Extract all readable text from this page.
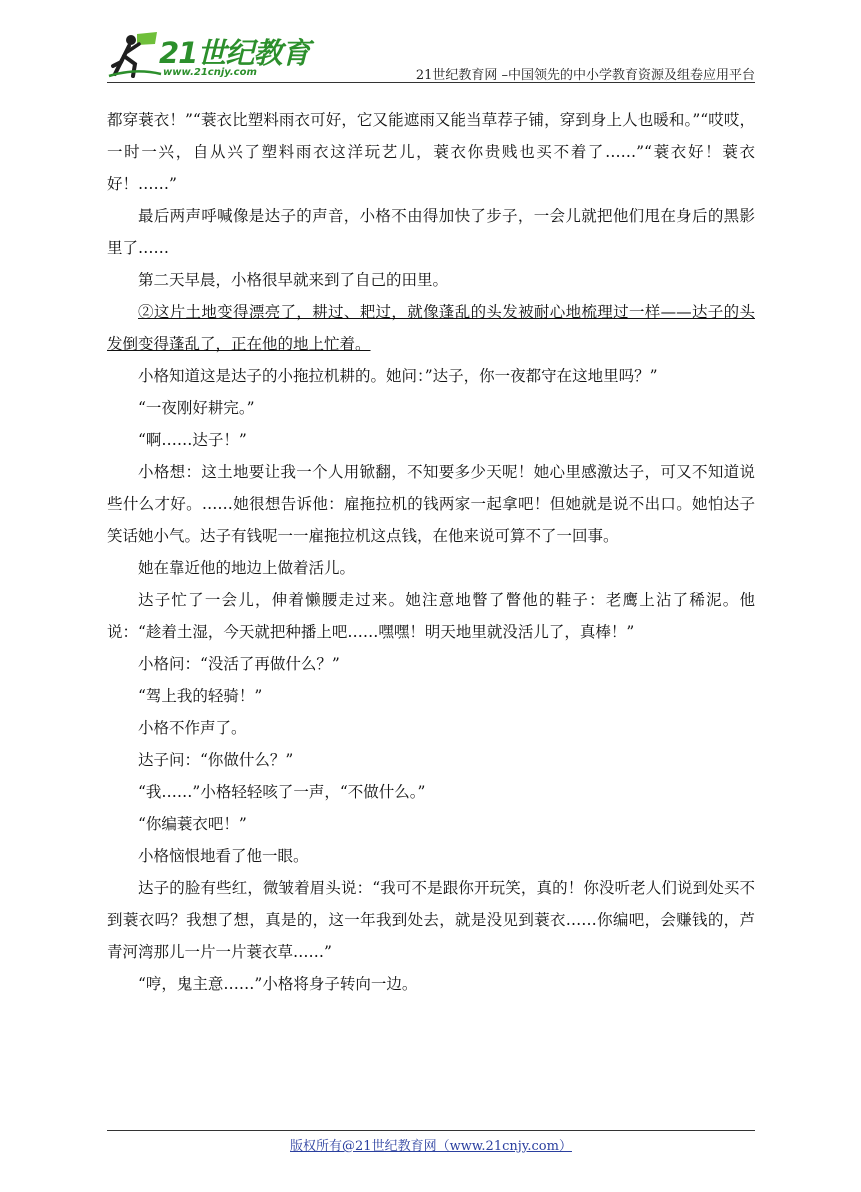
21世纪教育
www.21cnjy.com	21世纪教育网 –中国领先的中小学教育资源及组卷应用平台

都穿蓑衣！”“蓑衣比塑料雨衣可好，它又能遮雨又能当草荐子铺，穿到身上人也暖和。”“哎哎，一时一兴，自从兴了塑料雨衣这洋玩艺儿，蓑衣你贵贱也买不着了……”“蓑衣好！蓑衣好！……”

最后两声呼喊像是达子的声音，小格不由得加快了步子，一会儿就把他们甩在身后的黑影里了……

第二天早晨，小格很早就来到了自己的田里。

②这片土地变得漂亮了，耕过、耙过，就像蓬乱的头发被耐心地梳理过一样——达子的头发倒变得蓬乱了，正在他的地上忙着。

小格知道这是达子的小拖拉机耕的。她问：”达子，你一夜都守在这地里吗？”

“一夜刚好耕完。”

“啊……达子！”

小格想：这土地要让我一个人用锨翻，不知要多少天呢！她心里感激达子，可又不知道说些什么才好。……她很想告诉他：雇拖拉机的钱两家一起拿吧！但她就是说不出口。她怕达子笑话她小气。达子有钱呢一一雇拖拉机这点钱，在他来说可算不了一回事。

她在靠近他的地边上做着活儿。

达子忙了一会儿，伸着懒腰走过来。她注意地瞥了瞥他的鞋子：老鹰上沾了稀泥。他说：“趁着土湿，今天就把种播上吧……嘿嘿！明天地里就没活儿了，真棒！”

小格问：“没活了再做什么？”

“驾上我的轻骑！”

小格不作声了。

达子问：“你做什么？”

“我……”小格轻轻咳了一声，“不做什么。”

“你编蓑衣吧！”

小格恼恨地看了他一眼。

达子的脸有些红，微皱着眉头说：“我可不是跟你开玩笑，真的！你没听老人们说到处买不到蓑衣吗？我想了想，真是的，这一年我到处去，就是没见到蓑衣……你编吧，会赚钱的，芦青河湾那儿一片一片蓑衣草……”

“哼，鬼主意……”小格将身子转向一边。

版权所有@21世纪教育网（www.21cnjy.com）
